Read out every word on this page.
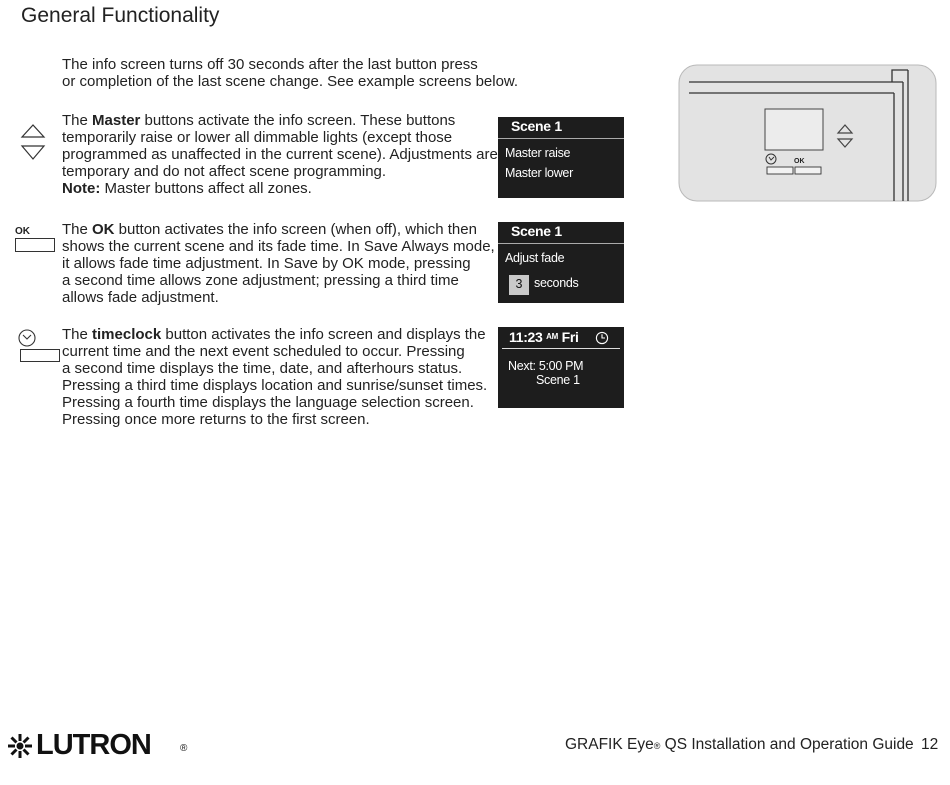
General Functionality
The info screen turns off 30 seconds after the last button press
or completion of the last scene change. See example screens below.
OK
The Master buttons activate the info screen. These buttons
temporarily raise or lower all dimmable lights (except those
programmed as unaffected in the current scene). Adjustments are
temporary and do not affect scene programming.
Note: Master buttons affect all zones.
Scene 1
Master raise
Master lower
OK The OK button activates the info screen (when off), which then
shows the current scene and its fade time. In Save Always mode,
it allows fade time adjustment. In Save by OK mode, pressing
a second time allows zone adjustment; pressing a third time
allows fade adjustment.
Scene 1
Adjust fade
3 seconds
The timeclock button activates the info screen and displays the
current time and the next event scheduled to occur. Pressing
a second time displays the time, date, and afterhours status.
Pressing a third time displays location and sunrise/sunset times.
Pressing a fourth time displays the language selection screen.
Pressing once more returns to the first screen.
11:23 $^{AM}$ Fri
Next: 5:00 PM
Scene 1
LUTRON	®	GRAFIK Eye® QS Installation and Operation Guide 12
